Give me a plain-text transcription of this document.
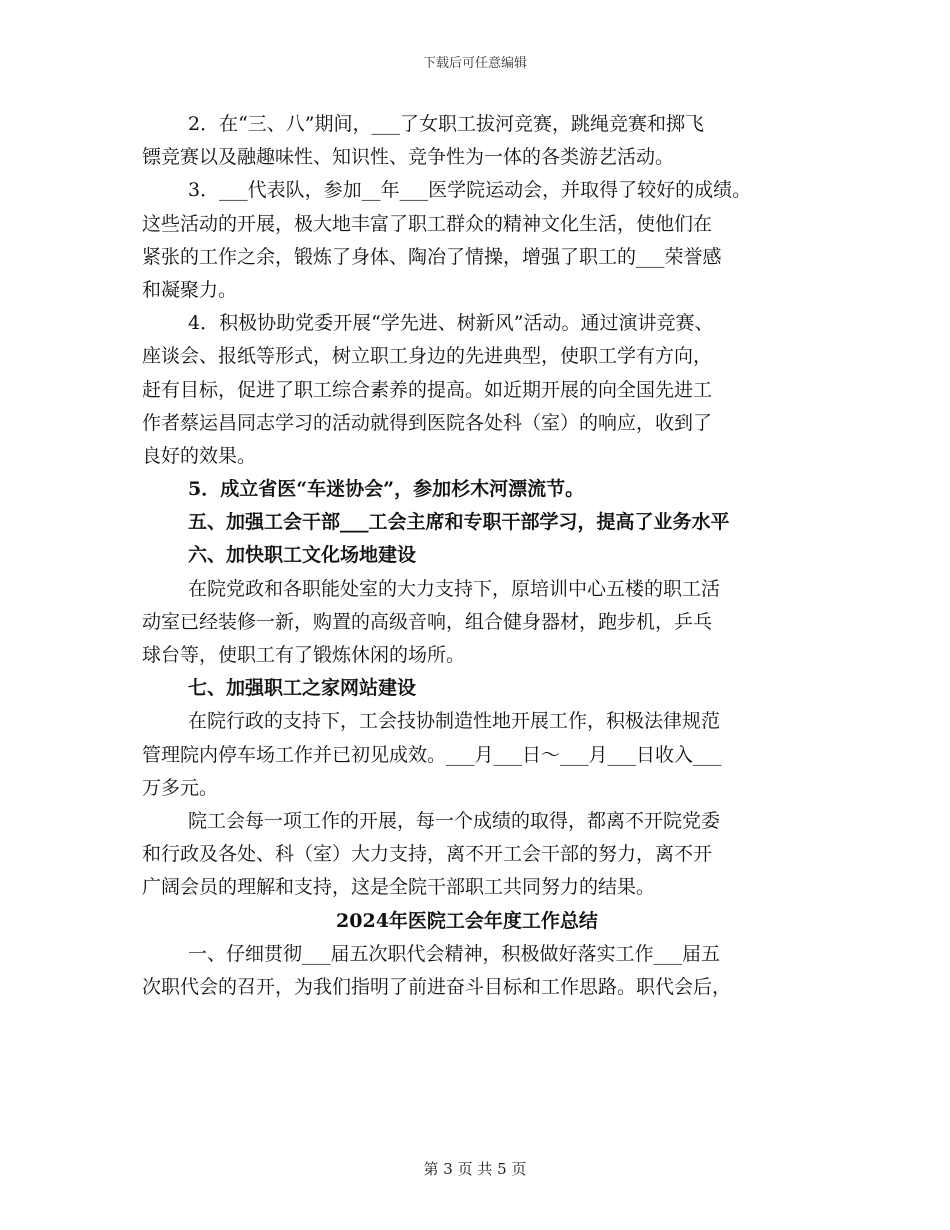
下载后可任意编辑
2．在“三、八”期间，___了女职工拔河竞赛，跳绳竞赛和掷飞
镖竞赛以及融趣味性、知识性、竞争性为一体的各类游艺活动。
3．___代表队，参加__年___医学院运动会，并取得了较好的成绩。
这些活动的开展，极大地丰富了职工群众的精神文化生活，使他们在
紧张的工作之余，锻炼了身体、陶冶了情操，增强了职工的___荣誉感
和凝聚力。
4．积极协助党委开展“学先进、树新风”活动。通过演讲竞赛、
座谈会、报纸等形式，树立职工身边的先进典型，使职工学有方向，
赶有目标，促进了职工综合素养的提高。如近期开展的向全国先进工
作者蔡运昌同志学习的活动就得到医院各处科（室）的响应，收到了
良好的效果。
5．成立省医“车迷协会”，参加杉木河漂流节。
五、加强工会干部___工会主席和专职干部学习，提高了业务水平
六、加快职工文化场地建设
在院党政和各职能处室的大力支持下，原培训中心五楼的职工活
动室已经装修一新，购置的高级音响，组合健身器材，跑步机，乒乓
球台等，使职工有了锻炼休闲的场所。
七、加强职工之家网站建设
在院行政的支持下，工会技协制造性地开展工作，积极法律规范
管理院内停车场工作并已初见成效。___月___日～___月___日收入___
万多元。
院工会每一项工作的开展，每一个成绩的取得，都离不开院党委
和行政及各处、科（室）大力支持，离不开工会干部的努力，离不开
广阔会员的理解和支持，这是全院干部职工共同努力的结果。
2024年医院工会年度工作总结
一、仔细贯彻___届五次职代会精神，积极做好落实工作___届五
次职代会的召开，为我们指明了前进奋斗目标和工作思路。职代会后，
第 3 页 共 5 页
